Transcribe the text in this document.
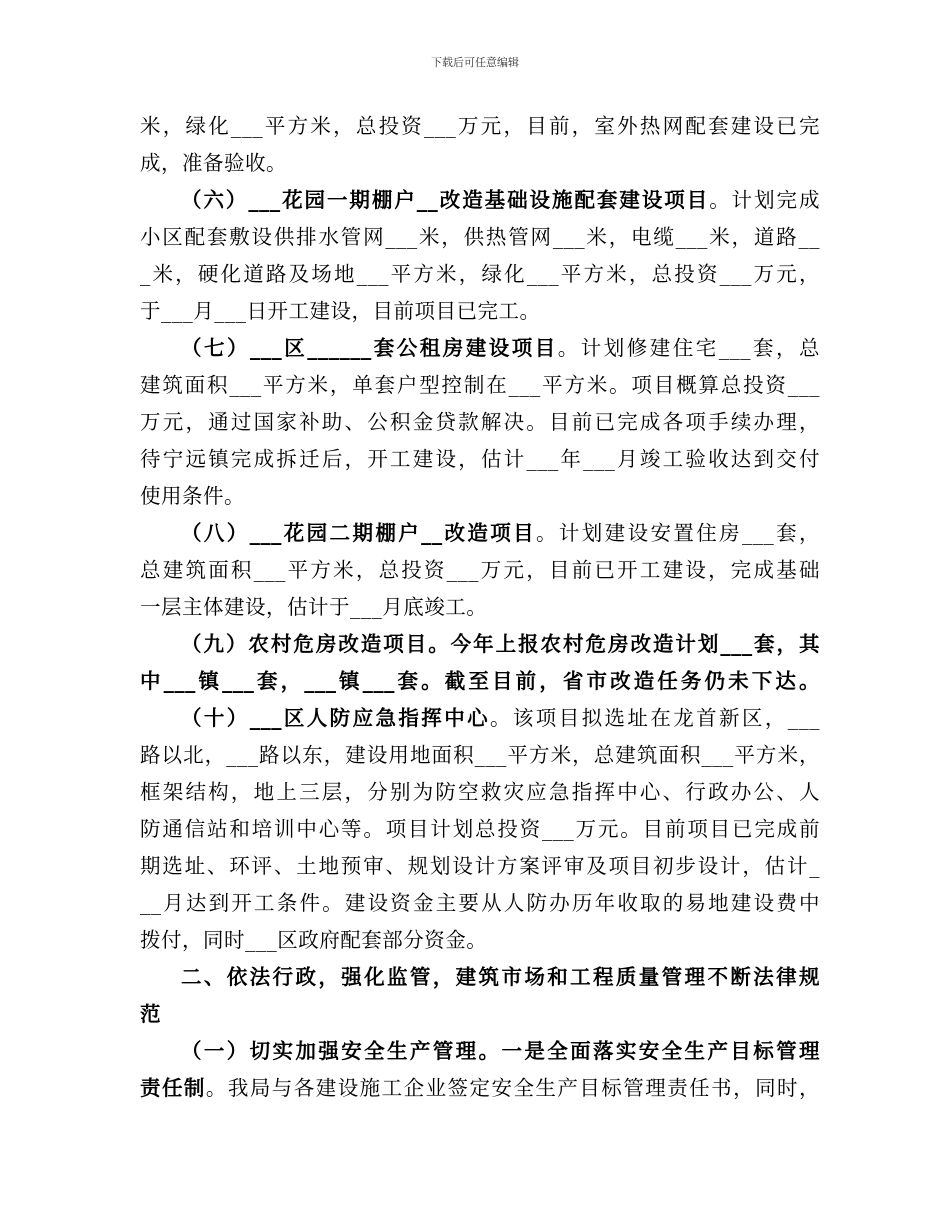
下载后可任意编辑
米，绿化___平方米，总投资___万元，目前，室外热网配套建设已完
成，准备验收。
（六）___花园一期棚户__改造基础设施配套建设项目。计划完成
小区配套敷设供排水管网___米，供热管网___米，电缆___米，道路__
_米，硬化道路及场地___平方米，绿化___平方米，总投资___万元，
于___月___日开工建设，目前项目已完工。
（七）___区______套公租房建设项目。计划修建住宅___套，总
建筑面积___平方米，单套户型控制在___平方米。项目概算总投资___
万元，通过国家补助、公积金贷款解决。目前已完成各项手续办理，
待宁远镇完成拆迁后，开工建设，估计___年___月竣工验收达到交付
使用条件。
（八）___花园二期棚户__改造项目。计划建设安置住房___套，
总建筑面积___平方米，总投资___万元，目前已开工建设，完成基础
一层主体建设，估计于___月底竣工。
（九）农村危房改造项目。今年上报农村危房改造计划___套，其
中___镇___套，___镇___套。截至目前，省市改造任务仍未下达。
（十）___区人防应急指挥中心。该项目拟选址在龙首新区，___
路以北，___路以东，建设用地面积___平方米，总建筑面积___平方米，
框架结构，地上三层，分别为防空救灾应急指挥中心、行政办公、人
防通信站和培训中心等。项目计划总投资___万元。目前项目已完成前
期选址、环评、土地预审、规划设计方案评审及项目初步设计，估计_
__月达到开工条件。建设资金主要从人防办历年收取的易地建设费中
拨付，同时___区政府配套部分资金。
二、依法行政，强化监管，建筑市场和工程质量管理不断法律规
范
（一）切实加强安全生产管理。一是全面落实安全生产目标管理
责任制。我局与各建设施工企业签定安全生产目标管理责任书，同时，
